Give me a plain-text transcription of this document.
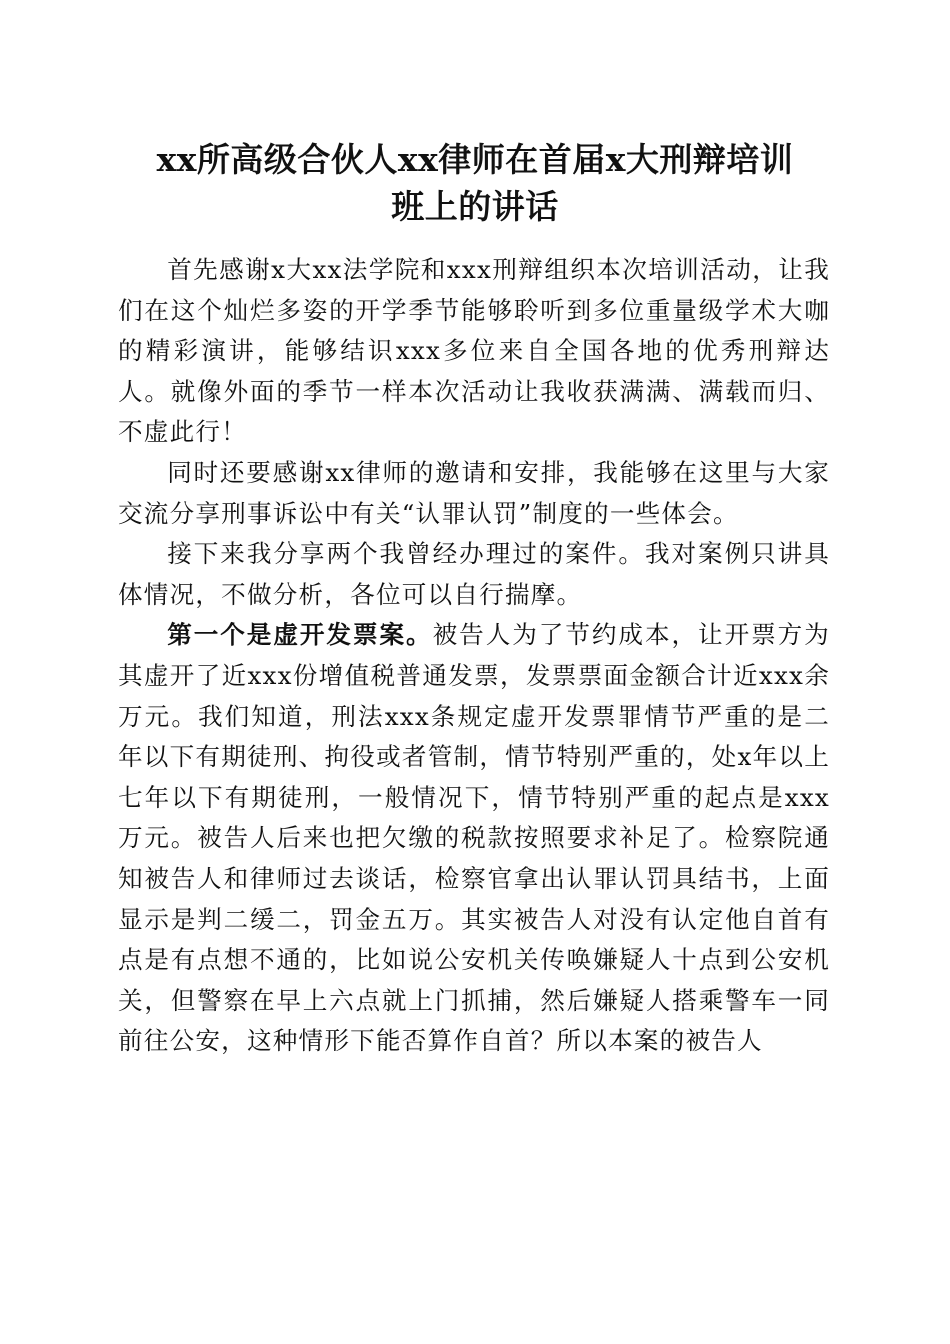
xx所高级合伙人xx律师在首届x大刑辩培训
班上的讲话

首先感谢x大xx法学院和xxx刑辩组织本次培训活动，让我们在这个灿烂多姿的开学季节能够聆听到多位重量级学术大咖的精彩演讲，能够结识xxx多位来自全国各地的优秀刑辩达人。就像外面的季节一样本次活动让我收获满满、满载而归、不虚此行！

同时还要感谢xx律师的邀请和安排，我能够在这里与大家交流分享刑事诉讼中有关“认罪认罚”制度的一些体会。

接下来我分享两个我曾经办理过的案件。我对案例只讲具体情况，不做分析，各位可以自行揣摩。

第一个是虚开发票案。被告人为了节约成本，让开票方为其虚开了近xxx份增值税普通发票，发票票面金额合计近xxx余万元。我们知道，刑法xxx条规定虚开发票罪情节严重的是二年以下有期徒刑、拘役或者管制，情节特别严重的，处x年以上七年以下有期徒刑，一般情况下，情节特别严重的起点是xxx万元。被告人后来也把欠缴的税款按照要求补足了。检察院通知被告人和律师过去谈话，检察官拿出认罪认罚具结书，上面显示是判二缓二，罚金五万。其实被告人对没有认定他自首有点是有点想不通的，比如说公安机关传唤嫌疑人十点到公安机关，但警察在早上六点就上门抓捕，然后嫌疑人搭乘警车一同前往公安，这种情形下能否算作自首？所以本案的被告人
